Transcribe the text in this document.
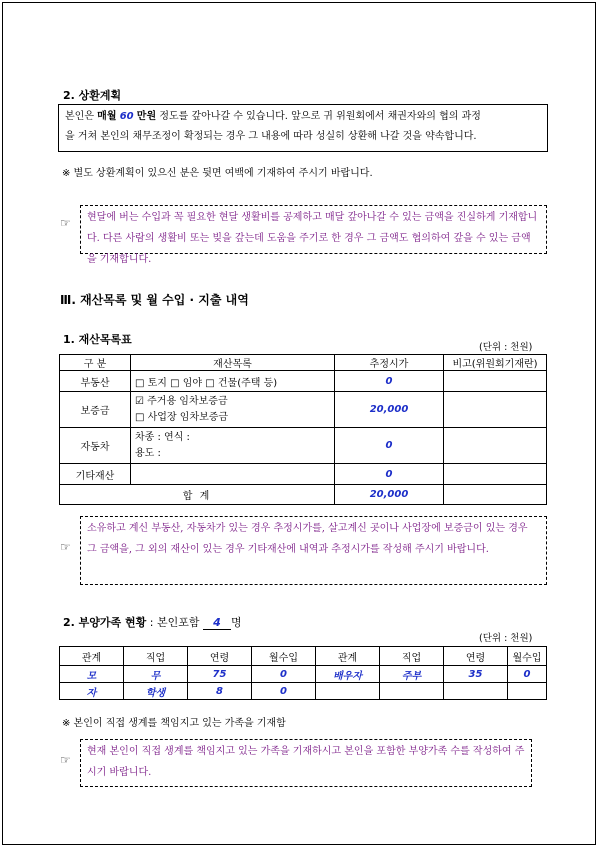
2. 상환계획
본인은 매월 60 만원 정도를 갚아나갈 수 있습니다. 앞으로 귀 위원회에서 채권자와의 협의 과정
을 거쳐 본인의 채무조정이 확정되는 경우 그 내용에 따라 성실히 상환해 나갈 것을 약속합니다.
※ 별도 상환계획이 있으신 분은 뒷면 여백에 기재하여 주시기 바랍니다.
☞	현달에 버는 수입과 꼭 필요한 현달 생활비를 공제하고 매달 갚아나갈 수 있는 금액을 진실하게 기재합니다. 다른 사람의 생활비 또는 빚을 갚는데 도움을 주기로 한 경우 그 금액도 협의하여 갚을 수 있는 금액을 기재합니다.
Ⅲ. 재산목록 및 월 수입 · 지출 내역
1. 재산목록표
(단위 : 천원)
구 분	재산목록	추정시가	비고(위원회기재란)
부동산	□ 토지 □ 임야 □ 건물(주택 등)	0	
보증금	☑ 주거용 임차보증금
□ 사업장 임차보증금	20,000	
자동차	차종 : 연식 :
용도 :	0	
기타재산		0	
합 계		20,000	
☞
소유하고 계신 부동산, 자동차가 있는 경우 추정시가를, 살고계신 곳이나 사업장에 보증금이 있는 경우 그 금액을, 그 외의 재산이 있는 경우 기타재산에 내역과 추정시가를 작성해 주시기 바랍니다.
2. 부양가족 현황 : 본인포함 4 명
(단위 : 천원)
관계	직업	연령	월수입	관계	직업	연령	월수입
모	무	75	0	배우자	주부	35	0
자	학생	8	0				
※ 본인이 직접 생계를 책임지고 있는 가족을 기재함
☞
현재 본인이 직접 생계를 책임지고 있는 가족을 기재하시고 본인을 포함한 부양가족 수를 작성하여 주시기 바랍니다.
